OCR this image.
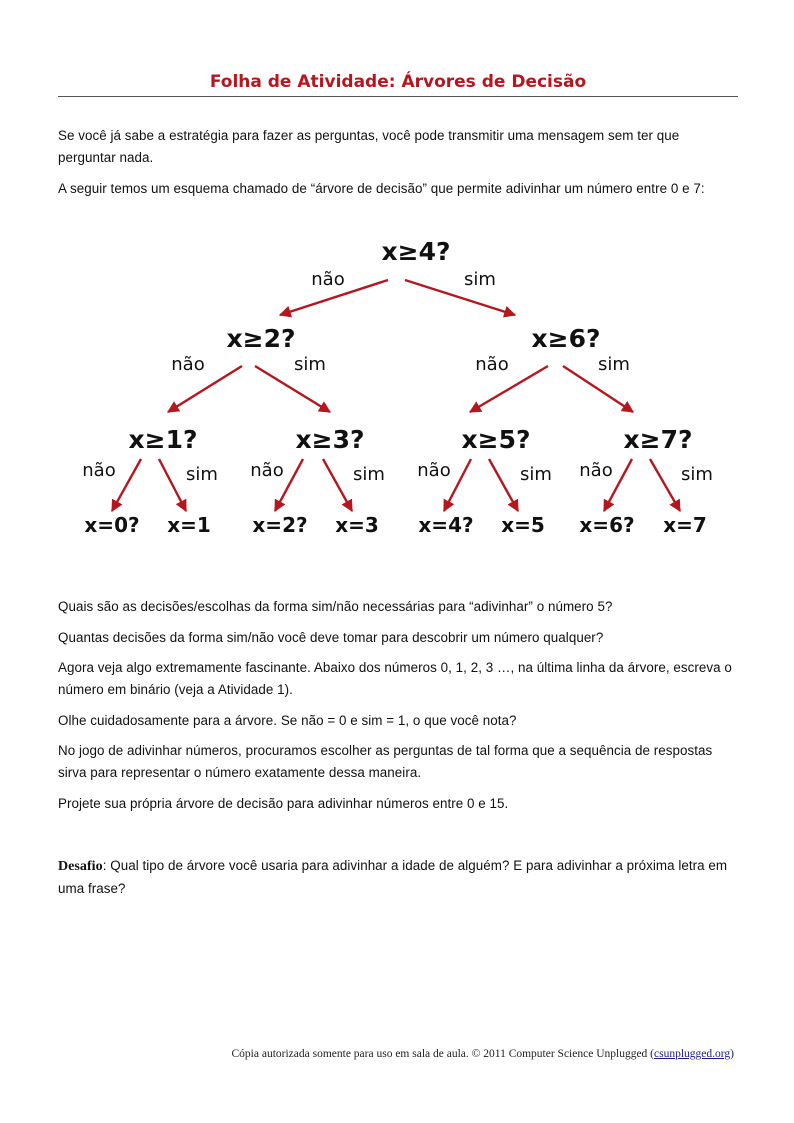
Folha de Atividade: Árvores de Decisão

Se você já sabe a estratégia para fazer as perguntas, você pode transmitir uma mensagem sem ter que perguntar nada.

A seguir temos um esquema chamado de “árvore de decisão” que permite adivinhar um número entre 0 e 7:

x≥4?
x≥2?	x≥6?
x≥1?	x≥3?	x≥5?	x≥7?
não	sim
não	sim	não	sim
não	sim não	sim não	sim não	sim
x=0? x=1 x=2? x=3 x=4? x=5 x=6? x=7

Quais são as decisões/escolhas da forma sim/não necessárias para “adivinhar” o número 5?

Quantas decisões da forma sim/não você deve tomar para descobrir um número qualquer?

Agora veja algo extremamente fascinante. Abaixo dos números 0, 1, 2, 3 …, na última linha da árvore, escreva o número em binário (veja a Atividade 1).

Olhe cuidadosamente para a árvore. Se não = 0 e sim = 1, o que você nota?

No jogo de adivinhar números, procuramos escolher as perguntas de tal forma que a sequência de respostas sirva para representar o número exatamente dessa maneira.

Projete sua própria árvore de decisão para adivinhar números entre 0 e 15.

Desafio: Qual tipo de árvore você usaria para adivinhar a idade de alguém? E para adivinhar a próxima letra em uma frase?

Cópia autorizada somente para uso em sala de aula. © 2011 Computer Science Unplugged (csunplugged.org)
